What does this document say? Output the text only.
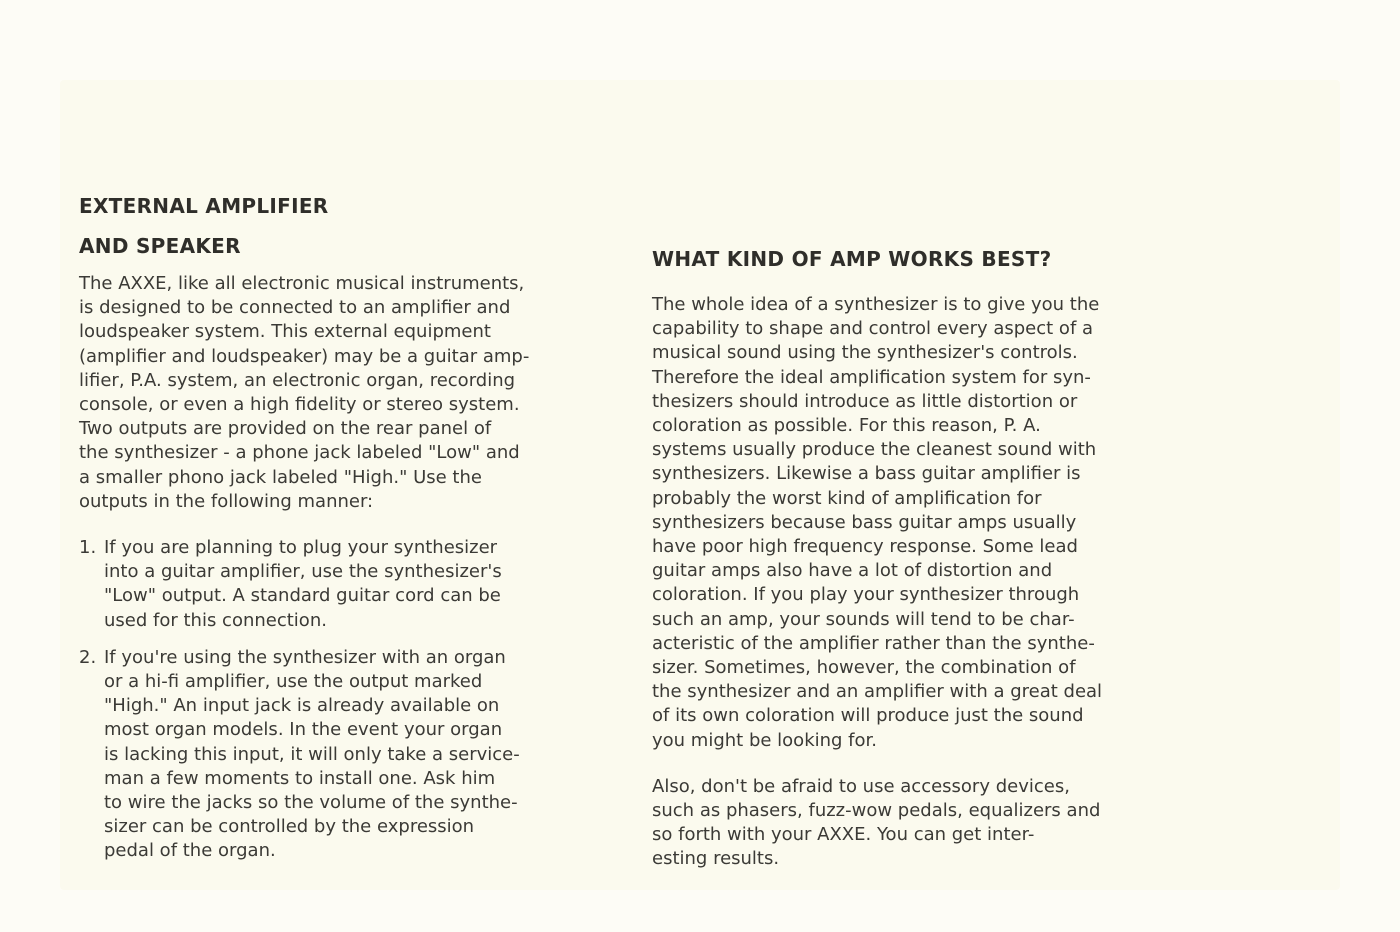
EXTERNAL AMPLIFIER
AND SPEAKER
The AXXE, like all electronic musical instruments,
is designed to be connected to an amplifier and
loudspeaker system. This external equipment
(amplifier and loudspeaker) may be a guitar amp-
lifier, P.A. system, an electronic organ, recording
console, or even a high fidelity or stereo system.
Two outputs are provided on the rear panel of
the synthesizer - a phone jack labeled "Low" and
a smaller phono jack labeled "High." Use the
outputs in the following manner:
1. If you are planning to plug your synthesizer
into a guitar amplifier, use the synthesizer's
"Low" output. A standard guitar cord can be
used for this connection.
2. If you're using the synthesizer with an organ
or a hi-fi amplifier, use the output marked
"High." An input jack is already available on
most organ models. In the event your organ
is lacking this input, it will only take a service-
man a few moments to install one. Ask him
to wire the jacks so the volume of the synthe-
sizer can be controlled by the expression
pedal of the organ.
WHAT KIND OF AMP WORKS BEST?
The whole idea of a synthesizer is to give you the
capability to shape and control every aspect of a
musical sound using the synthesizer's controls.
Therefore the ideal amplification system for syn-
thesizers should introduce as little distortion or
coloration as possible. For this reason, P. A.
systems usually produce the cleanest sound with
synthesizers. Likewise a bass guitar amplifier is
probably the worst kind of amplification for
synthesizers because bass guitar amps usually
have poor high frequency response. Some lead
guitar amps also have a lot of distortion and
coloration. If you play your synthesizer through
such an amp, your sounds will tend to be char-
acteristic of the amplifier rather than the synthe-
sizer. Sometimes, however, the combination of
the synthesizer and an amplifier with a great deal
of its own coloration will produce just the sound
you might be looking for.
Also, don't be afraid to use accessory devices,
such as phasers, fuzz-wow pedals, equalizers and
so forth with your AXXE. You can get inter-
esting results.
